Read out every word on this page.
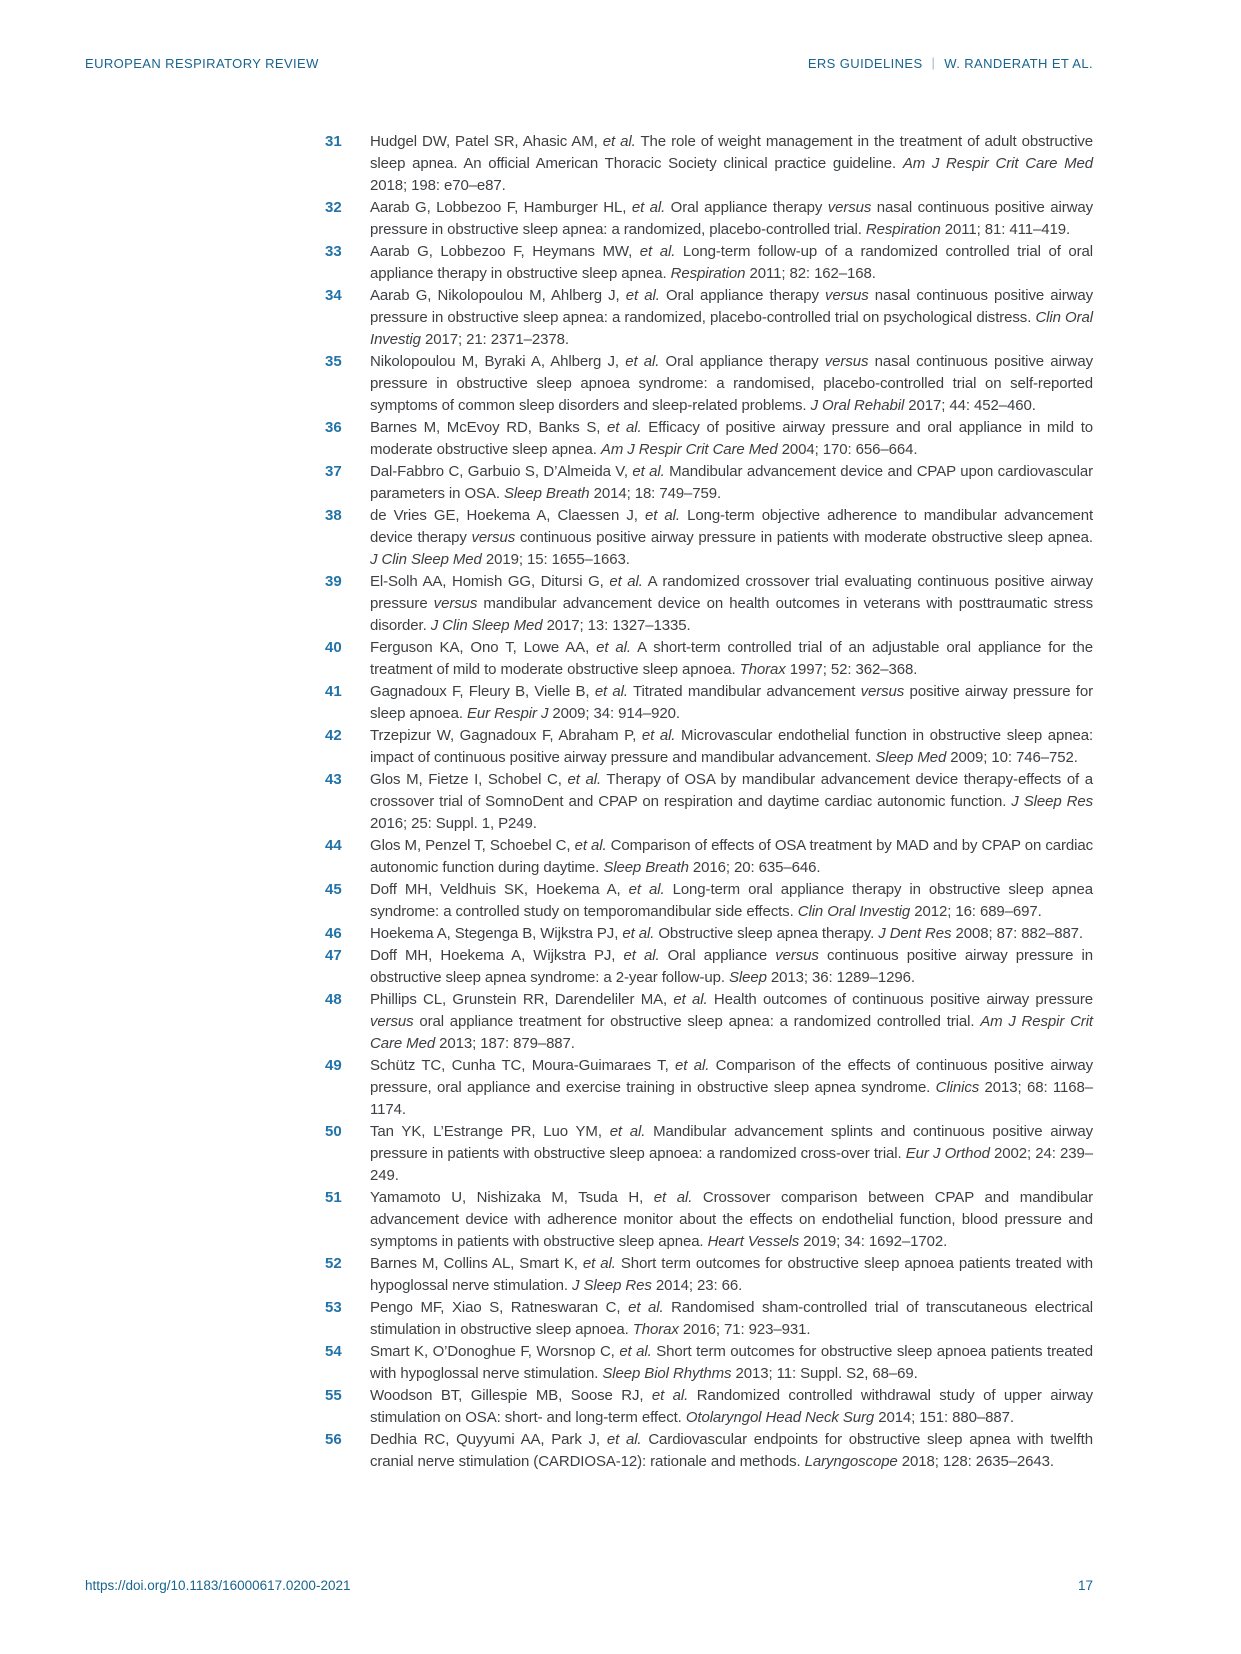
EUROPEAN RESPIRATORY REVIEW	ERS GUIDELINES | W. RANDERATH ET AL.
31	Hudgel DW, Patel SR, Ahasic AM, et al. The role of weight management in the treatment of adult obstructive sleep apnea. An official American Thoracic Society clinical practice guideline. Am J Respir Crit Care Med 2018; 198: e70–e87.

32	Aarab G, Lobbezoo F, Hamburger HL, et al. Oral appliance therapy versus nasal continuous positive airway pressure in obstructive sleep apnea: a randomized, placebo-controlled trial. Respiration 2011; 81: 411–419.

33	Aarab G, Lobbezoo F, Heymans MW, et al. Long-term follow-up of a randomized controlled trial of oral appliance therapy in obstructive sleep apnea. Respiration 2011; 82: 162–168.

34	Aarab G, Nikolopoulou M, Ahlberg J, et al. Oral appliance therapy versus nasal continuous positive airway pressure in obstructive sleep apnea: a randomized, placebo-controlled trial on psychological distress. Clin Oral Investig 2017; 21: 2371–2378.

35	Nikolopoulou M, Byraki A, Ahlberg J, et al. Oral appliance therapy versus nasal continuous positive airway pressure in obstructive sleep apnoea syndrome: a randomised, placebo-controlled trial on self-reported symptoms of common sleep disorders and sleep-related problems. J Oral Rehabil 2017; 44: 452–460.

36	Barnes M, McEvoy RD, Banks S, et al. Efficacy of positive airway pressure and oral appliance in mild to moderate obstructive sleep apnea. Am J Respir Crit Care Med 2004; 170: 656–664.

37	Dal-Fabbro C, Garbuio S, D’Almeida V, et al. Mandibular advancement device and CPAP upon cardiovascular parameters in OSA. Sleep Breath 2014; 18: 749–759.

38	de Vries GE, Hoekema A, Claessen J, et al. Long-term objective adherence to mandibular advancement device therapy versus continuous positive airway pressure in patients with moderate obstructive sleep apnea. J Clin Sleep Med 2019; 15: 1655–1663.

39	El-Solh AA, Homish GG, Ditursi G, et al. A randomized crossover trial evaluating continuous positive airway pressure versus mandibular advancement device on health outcomes in veterans with posttraumatic stress disorder. J Clin Sleep Med 2017; 13: 1327–1335.

40	Ferguson KA, Ono T, Lowe AA, et al. A short-term controlled trial of an adjustable oral appliance for the treatment of mild to moderate obstructive sleep apnoea. Thorax 1997; 52: 362–368.

41	Gagnadoux F, Fleury B, Vielle B, et al. Titrated mandibular advancement versus positive airway pressure for sleep apnoea. Eur Respir J 2009; 34: 914–920.

42	Trzepizur W, Gagnadoux F, Abraham P, et al. Microvascular endothelial function in obstructive sleep apnea: impact of continuous positive airway pressure and mandibular advancement. Sleep Med 2009; 10: 746–752.

43	Glos M, Fietze I, Schobel C, et al. Therapy of OSA by mandibular advancement device therapy-effects of a crossover trial of SomnoDent and CPAP on respiration and daytime cardiac autonomic function. J Sleep Res 2016; 25: Suppl. 1, P249.

44	Glos M, Penzel T, Schoebel C, et al. Comparison of effects of OSA treatment by MAD and by CPAP on cardiac autonomic function during daytime. Sleep Breath 2016; 20: 635–646.

45	Doff MH, Veldhuis SK, Hoekema A, et al. Long-term oral appliance therapy in obstructive sleep apnea syndrome: a controlled study on temporomandibular side effects. Clin Oral Investig 2012; 16: 689–697.

46	Hoekema A, Stegenga B, Wijkstra PJ, et al. Obstructive sleep apnea therapy. J Dent Res 2008; 87: 882–887.

47	Doff MH, Hoekema A, Wijkstra PJ, et al. Oral appliance versus continuous positive airway pressure in obstructive sleep apnea syndrome: a 2-year follow-up. Sleep 2013; 36: 1289–1296.

48	Phillips CL, Grunstein RR, Darendeliler MA, et al. Health outcomes of continuous positive airway pressure versus oral appliance treatment for obstructive sleep apnea: a randomized controlled trial. Am J Respir Crit Care Med 2013; 187: 879–887.

49	Schütz TC, Cunha TC, Moura-Guimaraes T, et al. Comparison of the effects of continuous positive airway pressure, oral appliance and exercise training in obstructive sleep apnea syndrome. Clinics 2013; 68: 1168–1174.

50	Tan YK, L’Estrange PR, Luo YM, et al. Mandibular advancement splints and continuous positive airway pressure in patients with obstructive sleep apnoea: a randomized cross-over trial. Eur J Orthod 2002; 24: 239–249.

51	Yamamoto U, Nishizaka M, Tsuda H, et al. Crossover comparison between CPAP and mandibular advancement device with adherence monitor about the effects on endothelial function, blood pressure and symptoms in patients with obstructive sleep apnea. Heart Vessels 2019; 34: 1692–1702.

52	Barnes M, Collins AL, Smart K, et al. Short term outcomes for obstructive sleep apnoea patients treated with hypoglossal nerve stimulation. J Sleep Res 2014; 23: 66.

53	Pengo MF, Xiao S, Ratneswaran C, et al. Randomised sham-controlled trial of transcutaneous electrical stimulation in obstructive sleep apnoea. Thorax 2016; 71: 923–931.

54	Smart K, O’Donoghue F, Worsnop C, et al. Short term outcomes for obstructive sleep apnoea patients treated with hypoglossal nerve stimulation. Sleep Biol Rhythms 2013; 11: Suppl. S2, 68–69.

55	Woodson BT, Gillespie MB, Soose RJ, et al. Randomized controlled withdrawal study of upper airway stimulation on OSA: short- and long-term effect. Otolaryngol Head Neck Surg 2014; 151: 880–887.

56	Dedhia RC, Quyyumi AA, Park J, et al. Cardiovascular endpoints for obstructive sleep apnea with twelfth cranial nerve stimulation (CARDIOSA-12): rationale and methods. Laryngoscope 2018; 128: 2635–2643.

https://doi.org/10.1183/16000617.0200-2021	17
